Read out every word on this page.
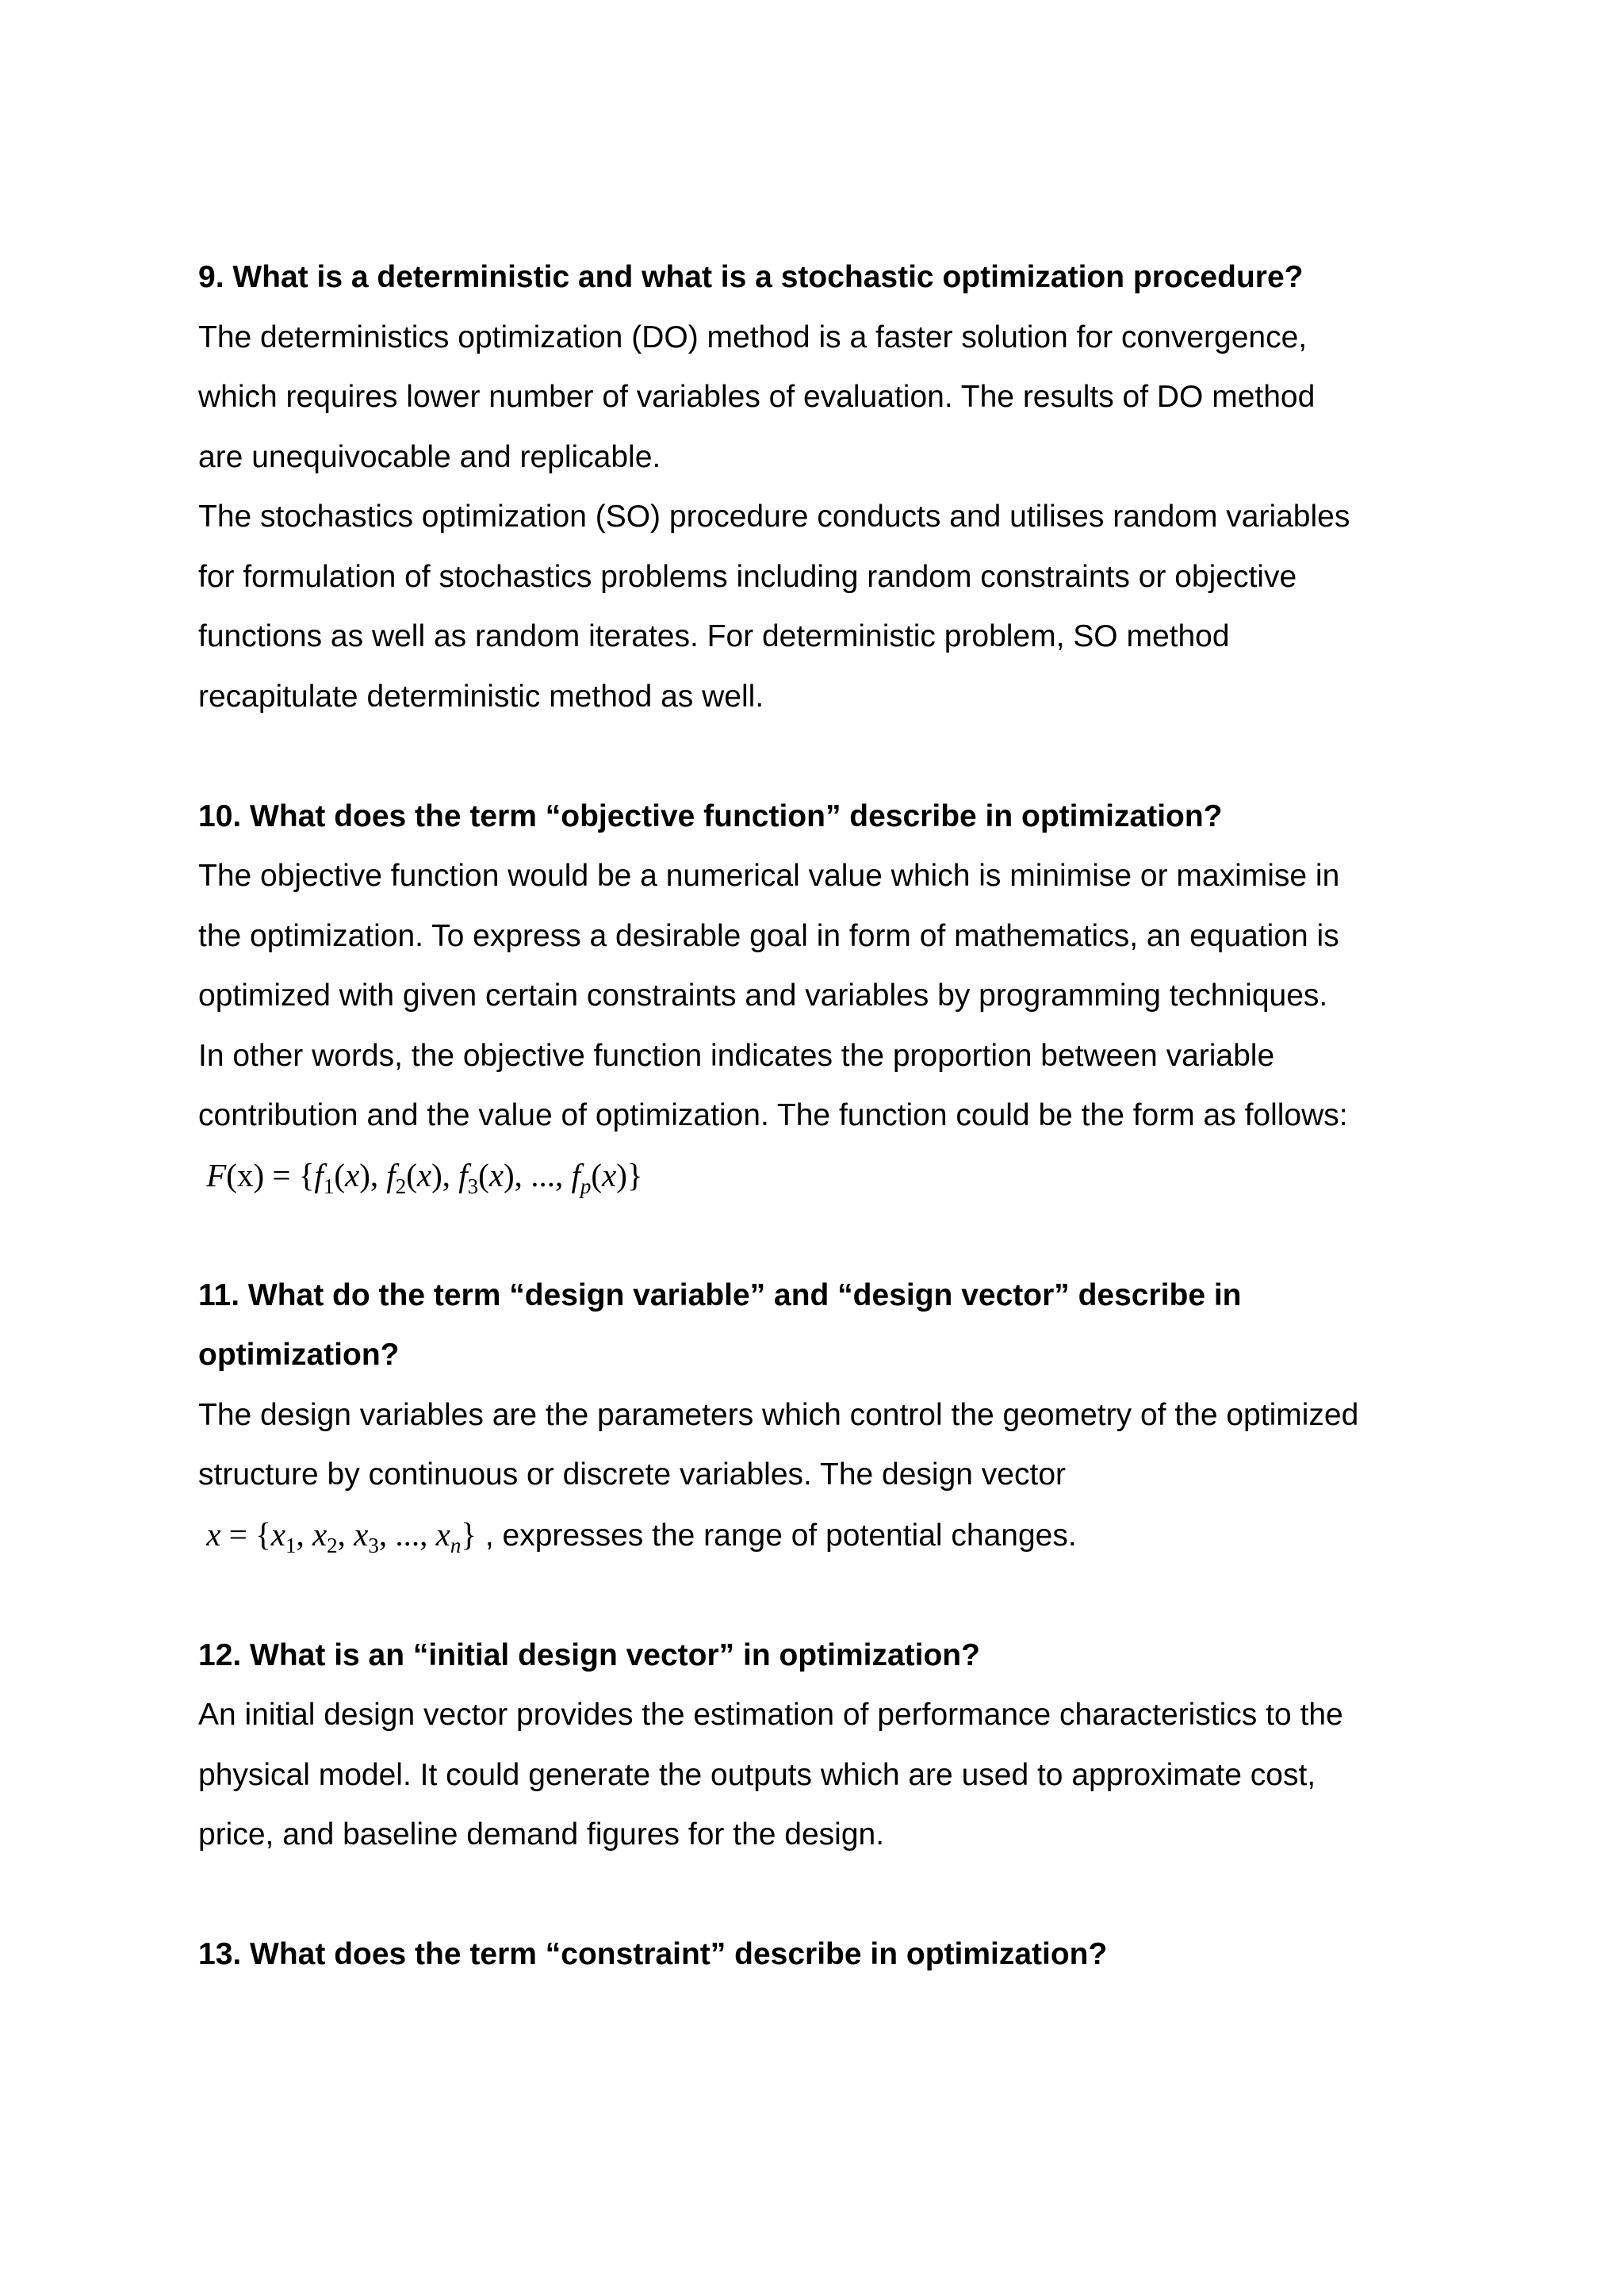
9. What is a deterministic and what is a stochastic optimization procedure?

The deterministics optimization (DO) method is a faster solution for convergence,

which requires lower number of variables of evaluation. The results of DO method

are unequivocable and replicable.

The stochastics optimization (SO) procedure conducts and utilises random variables

for formulation of stochastics problems including random constraints or objective

functions as well as random iterates. For deterministic problem, SO method

recapitulate deterministic method as well.

10. What does the term “objective function” describe in optimization?

The objective function would be a numerical value which is minimise or maximise in

the optimization. To express a desirable goal in form of mathematics, an equation is

optimized with given certain constraints and variables by programming techniques.

In other words, the objective function indicates the proportion between variable

contribution and the value of optimization. The function could be the form as follows:

$F(x) = \{f_1(x)$, $f_2(x)$, $f_3(x)$, ..., $f_p(x)$}

11. What do the term “design variable” and “design vector” describe in

optimization?

The design variables are the parameters which control the geometry of the optimized

structure by continuous or discrete variables. The design vector

$x = \{x_1$, $x_2$, $x_3$, ..., $x_n$} , expresses the range of potential changes.

12. What is an “initial design vector” in optimization?

An initial design vector provides the estimation of performance characteristics to the

physical model. It could generate the outputs which are used to approximate cost,

price, and baseline demand figures for the design.

13. What does the term “constraint” describe in optimization?
